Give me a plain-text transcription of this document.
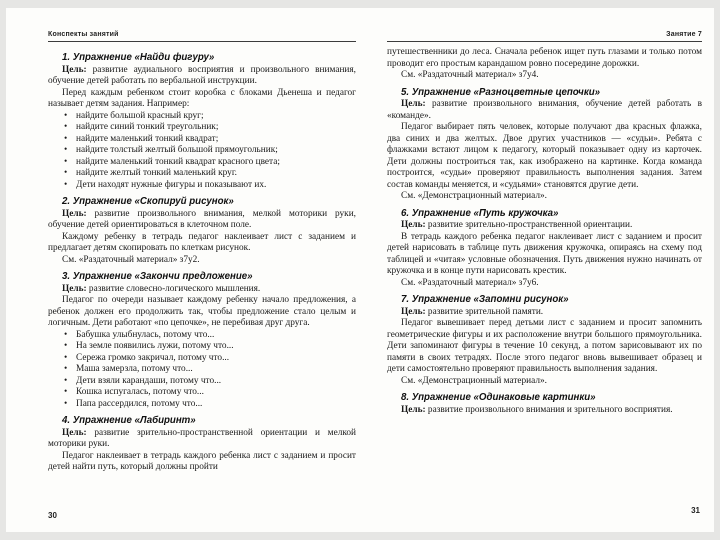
Конспекты занятий
1. Упражнение «Найди фигуру»

Цель: развитие аудиального восприятия и произвольного внимания, обучение детей работать по вербальной инструкции.

Перед каждым ребенком стоит коробка с блоками Дьенеша и педагог называет детям задания. Например:

• найдите большой красный круг;
• найдите синий тонкий треугольник;
• найдите маленький тонкий квадрат;
• найдите толстый желтый большой прямоугольник;
• найдите маленький тонкий квадрат красного цвета;
• найдите желтый тонкий маленький круг.
• Дети находят нужные фигуры и показывают их.
2. Упражнение «Скопируй рисунок»

Цель: развитие произвольного внимания, мелкой моторики руки, обучение детей ориентироваться в клеточном поле.

Каждому ребенку в тетрадь педагог наклеивает лист с заданием и предлагает детям скопировать по клеткам рисунок.

См. «Раздаточный материал» з7у2.

3. Упражнение «Закончи предложение»

Цель: развитие словесно-логического мышления.

Педагог по очереди называет каждому ребенку начало предложения, а ребенок должен его продолжить так, чтобы предложение стало целым и логичным. Дети работают «по цепочке», не перебивая друг друга.

• Бабушка улыбнулась, потому что...
• На земле появились лужи, потому что...
• Сережа громко закричал, потому что...
• Маша замерзла, потому что...
• Дети взяли карандаши, потому что...
• Кошка испугалась, потому что...
• Папа рассердился, потому что...
4. Упражнение «Лабиринт»

Цель: развитие зрительно-пространственной ориентации и мелкой моторики руки.

Педагог наклеивает в тетрадь каждого ребенка лист с заданием и просит детей найти путь, который должны пройти

30
Занятие 7

путешественники до леса. Сначала ребенок ищет путь глазами и только потом проводит его простым карандашом ровно посередине дорожки.

См. «Раздаточный материал» з7у4.

5. Упражнение «Разноцветные цепочки»

Цель: развитие произвольного внимания, обучение детей работать в «команде».

Педагог выбирает пять человек, которые получают два красных флажка, два синих и два желтых. Двое других участников — «судьи». Ребята с флажками встают лицом к педагогу, который показывает одну из карточек. Дети должны построиться так, как изображено на картинке. Когда команда построится, «судьи» проверяют правильность выполнения задания. Затем состав команды меняется, и «судьями» становятся другие дети.

См. «Демонстрационный материал».

6. Упражнение «Путь кружочка»

Цель: развитие зрительно-пространственной ориентации.

В тетрадь каждого ребенка педагог наклеивает лист с заданием и просит детей нарисовать в таблице путь движения кружочка, опираясь на схему под таблицей и «читая» условные обозначения. Путь движения нужно начинать от кружочка и в конце пути нарисовать крестик.

См. «Раздаточный материал» з7у6.

7. Упражнение «Запомни рисунок»

Цель: развитие зрительной памяти.

Педагог вывешивает перед детьми лист с заданием и просит запомнить геометрические фигуры и их расположение внутри большого прямоугольника. Дети запоминают фигуры в течение 10 секунд, а потом зарисовывают их по памяти в своих тетрадях. После этого педагог вновь вывешивает образец и дети самостоятельно проверяют правильность выполнения задания.

См. «Демонстрационный материал».

8. Упражнение «Одинаковые картинки»

Цель: развитие произвольного внимания и зрительного восприятия.

31
